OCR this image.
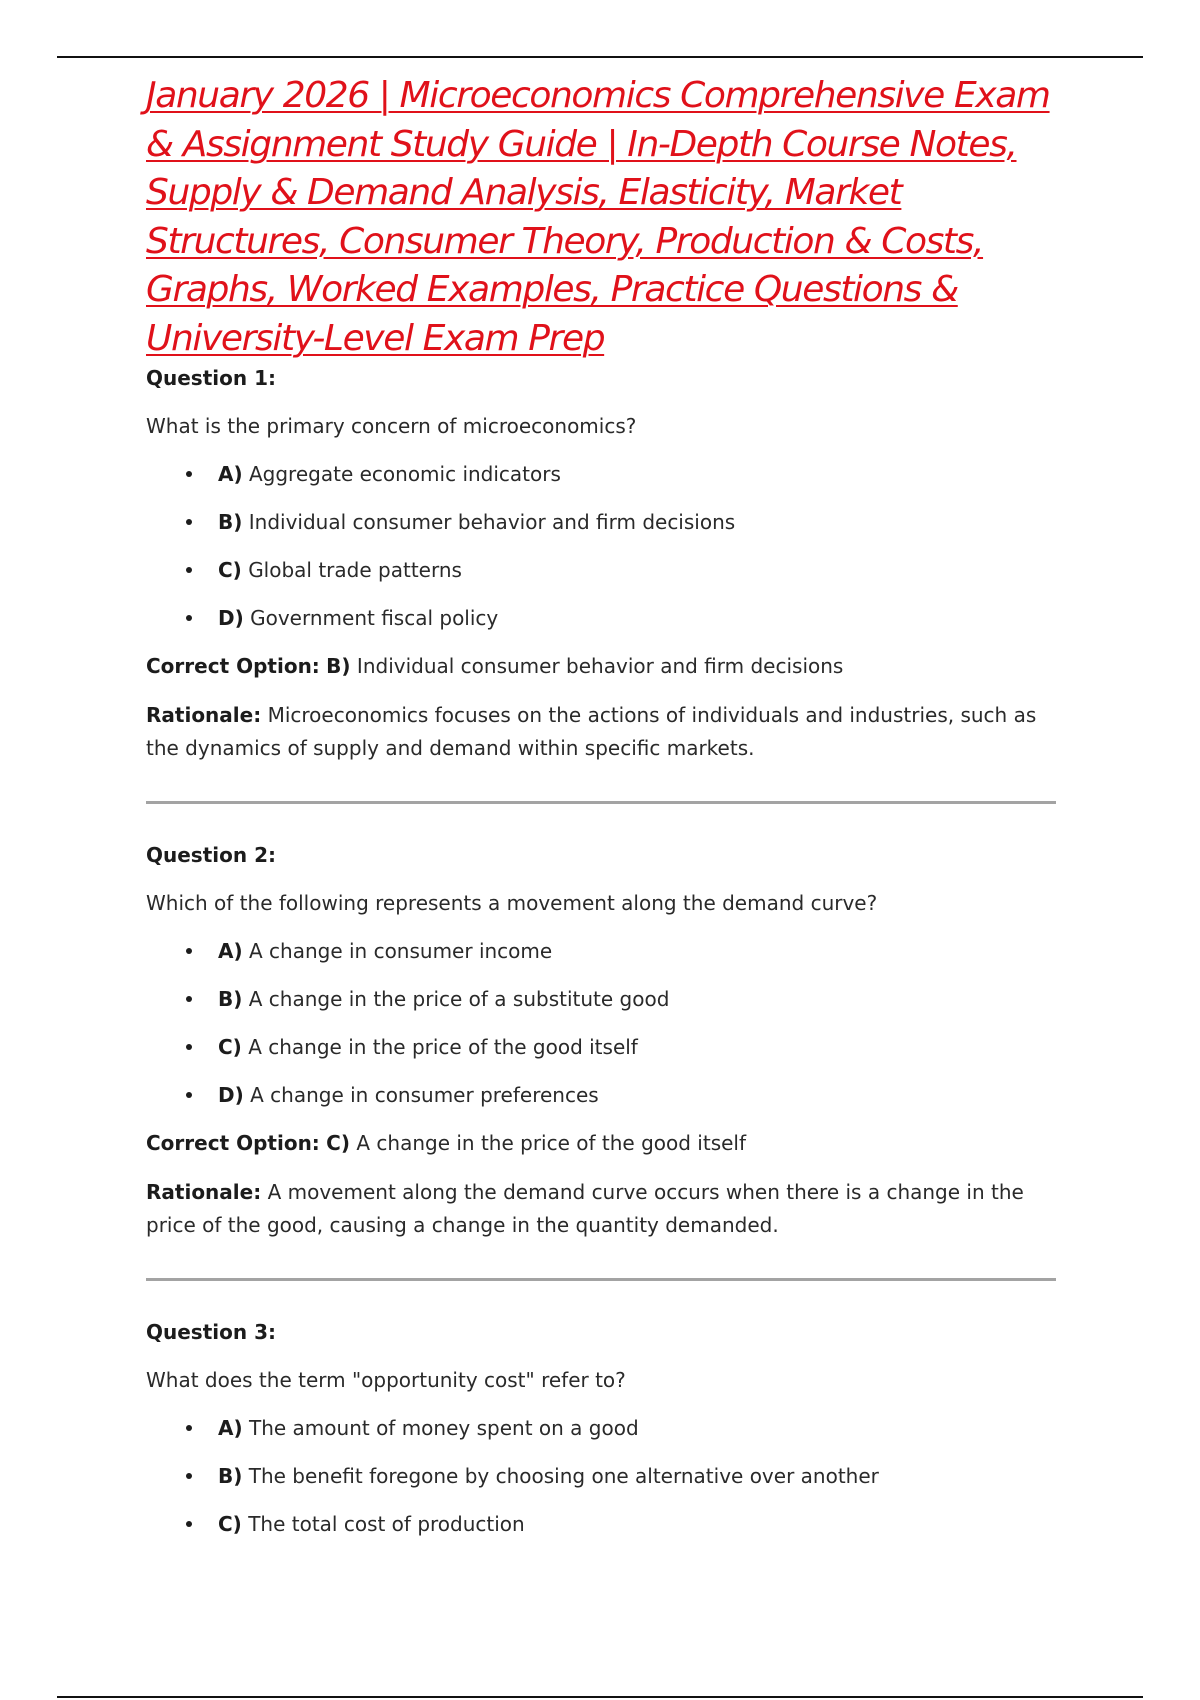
January 2026 | Microeconomics Comprehensive Exam & Assignment Study Guide | In-Depth Course Notes, Supply & Demand Analysis, Elasticity, Market Structures, Consumer Theory, Production & Costs, Graphs, Worked Examples, Practice Questions & University-Level Exam Prep

Question 1:

What is the primary concern of microeconomics?

A) Aggregate economic indicators
B) Individual consumer behavior and firm decisions
C) Global trade patterns
D) Government fiscal policy

Correct Option: B) Individual consumer behavior and firm decisions

Rationale: Microeconomics focuses on the actions of individuals and industries, such as the dynamics of supply and demand within specific markets.

Question 2:

Which of the following represents a movement along the demand curve?

A) A change in consumer income
B) A change in the price of a substitute good
C) A change in the price of the good itself
D) A change in consumer preferences

Correct Option: C) A change in the price of the good itself

Rationale: A movement along the demand curve occurs when there is a change in the price of the good, causing a change in the quantity demanded.

Question 3:

What does the term "opportunity cost" refer to?

A) The amount of money spent on a good
B) The benefit foregone by choosing one alternative over another
C) The total cost of production
